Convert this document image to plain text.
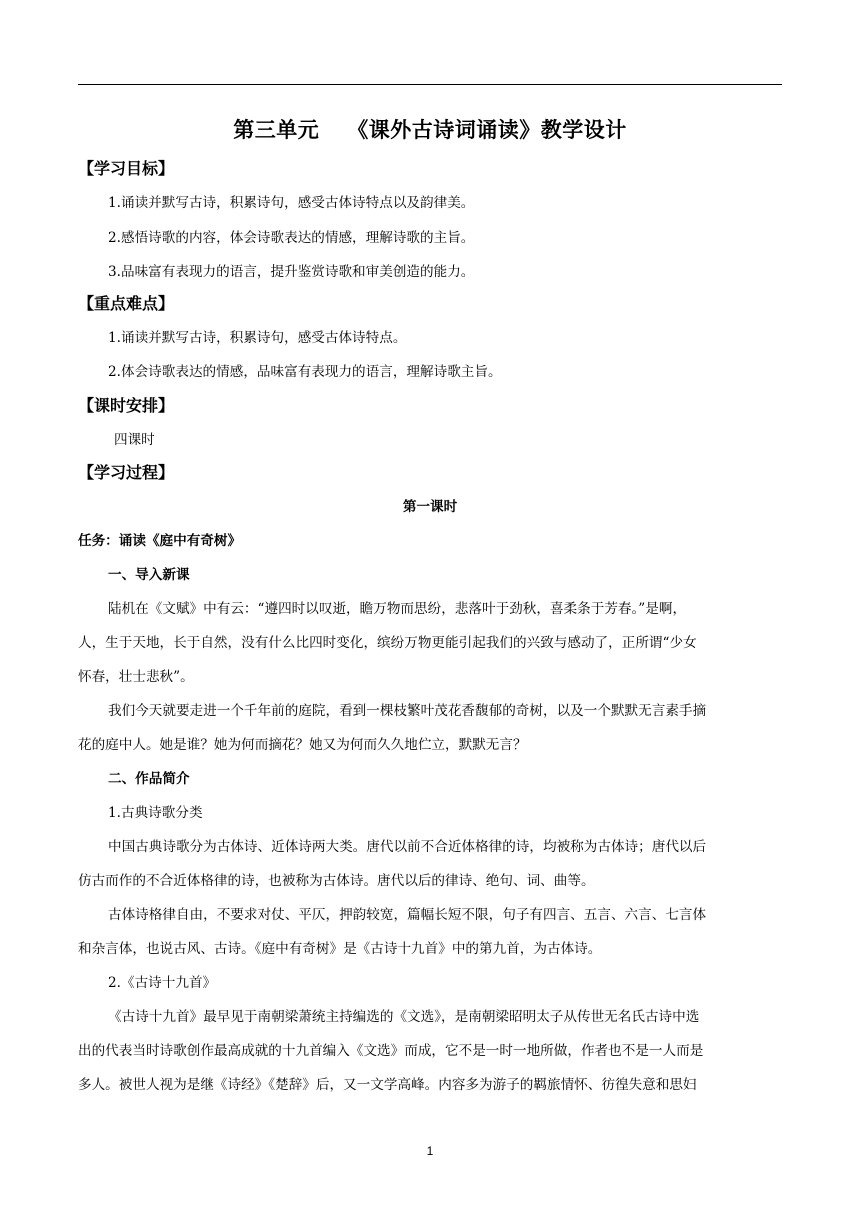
第三单元 《课外古诗词诵读》教学设计
【学习目标】
1.诵读并默写古诗，积累诗句，感受古体诗特点以及韵律美。
2.感悟诗歌的内容，体会诗歌表达的情感，理解诗歌的主旨。
3.品味富有表现力的语言，提升鉴赏诗歌和审美创造的能力。
【重点难点】
1.诵读并默写古诗，积累诗句，感受古体诗特点。
2.体会诗歌表达的情感，品味富有表现力的语言，理解诗歌主旨。
【课时安排】
四课时
【学习过程】
第一课时
任务：诵读《庭中有奇树》
一、导入新课
陆机在《文赋》中有云：“遵四时以叹逝，瞻万物而思纷，悲落叶于劲秋，喜柔条于芳春。”是啊，
人，生于天地，长于自然，没有什么比四时变化，缤纷万物更能引起我们的兴致与感动了，正所谓“少女
怀春，壮士悲秋”。
我们今天就要走进一个千年前的庭院，看到一棵枝繁叶茂花香馥郁的奇树，以及一个默默无言素手摘
花的庭中人。她是谁？她为何而摘花？她又为何而久久地伫立，默默无言？
二、作品简介
1.古典诗歌分类
中国古典诗歌分为古体诗、近体诗两大类。唐代以前不合近体格律的诗，均被称为古体诗；唐代以后
仿古而作的不合近体格律的诗，也被称为古体诗。唐代以后的律诗、绝句、词、曲等。
古体诗格律自由，不要求对仗、平仄，押韵较宽，篇幅长短不限，句子有四言、五言、六言、七言体
和杂言体，也说古风、古诗。《庭中有奇树》是《古诗十九首》中的第九首，为古体诗。
2.《古诗十九首》
《古诗十九首》最早见于南朝梁萧统主持编选的《文选》，是南朝梁昭明太子从传世无名氏古诗中选
出的代表当时诗歌创作最高成就的十九首编入《文选》而成，它不是一时一地所做，作者也不是一人而是
多人。被世人视为是继《诗经》《楚辞》后，又一文学高峰。内容多为游子的羁旅情怀、彷徨失意和思妇
1
